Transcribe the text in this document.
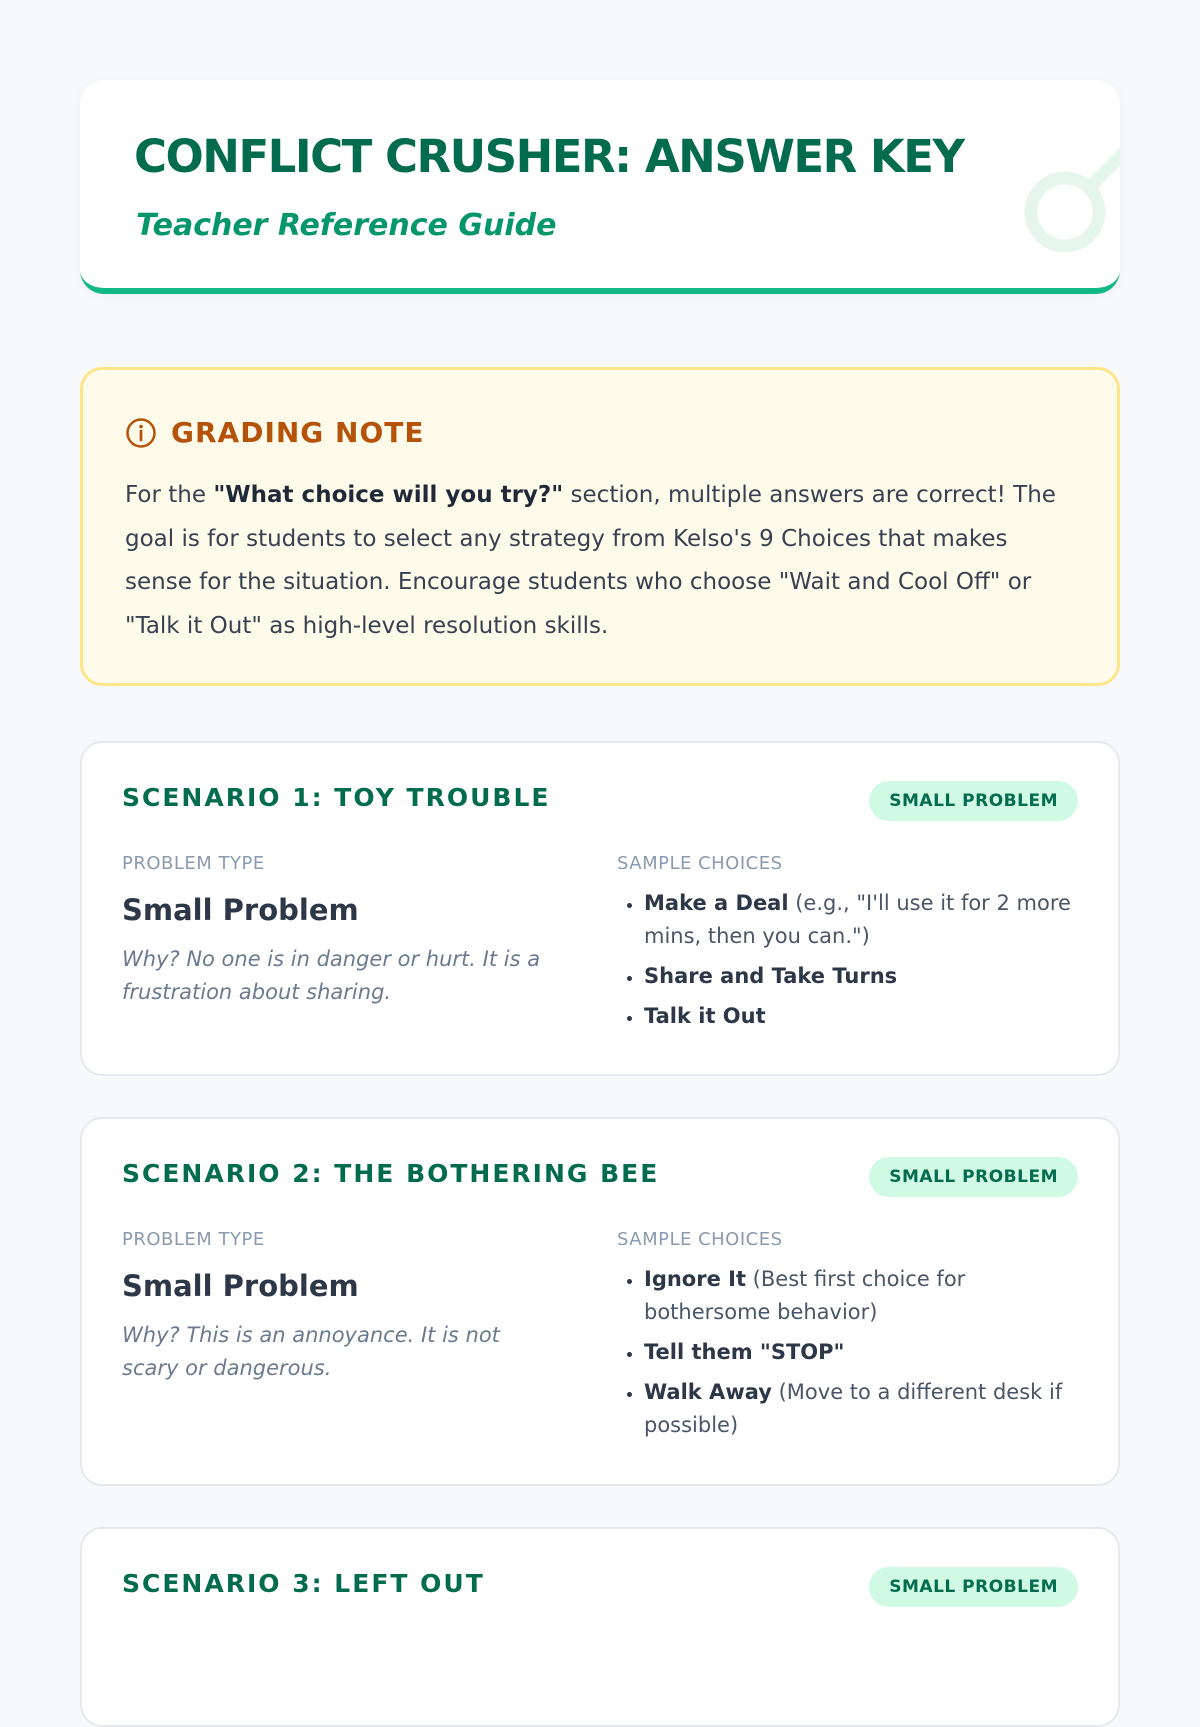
CONFLICT CRUSHER: ANSWER KEY
Teacher Reference Guide
GRADING NOTE

For the "What choice will you try?" section, multiple answers are correct! The goal is for students to select any strategy from Kelso's 9 Choices that makes sense for the situation. Encourage students who choose "Wait and Cool Off" or "Talk it Out" as high-level resolution skills.

SCENARIO 1: TOY TROUBLE	SMALL PROBLEM
PROBLEM TYPE	SAMPLE CHOICES
Small Problem

Why? No one is in danger or hurt. It is a frustration about sharing.

• Make a Deal (e.g., "I'll use it for 2 more mins, then you can.")
• Share and Take Turns
• Talk it Out
SCENARIO 2: THE BOTHERING BEE	SMALL PROBLEM
PROBLEM TYPE	SAMPLE CHOICES
Small Problem

Why? This is an annoyance. It is not scary or dangerous.

• Ignore It (Best first choice for bothersome behavior)
• Tell them "STOP"
• Walk Away (Move to a different desk if possible)
SCENARIO 3: LEFT OUT	SMALL PROBLEM
